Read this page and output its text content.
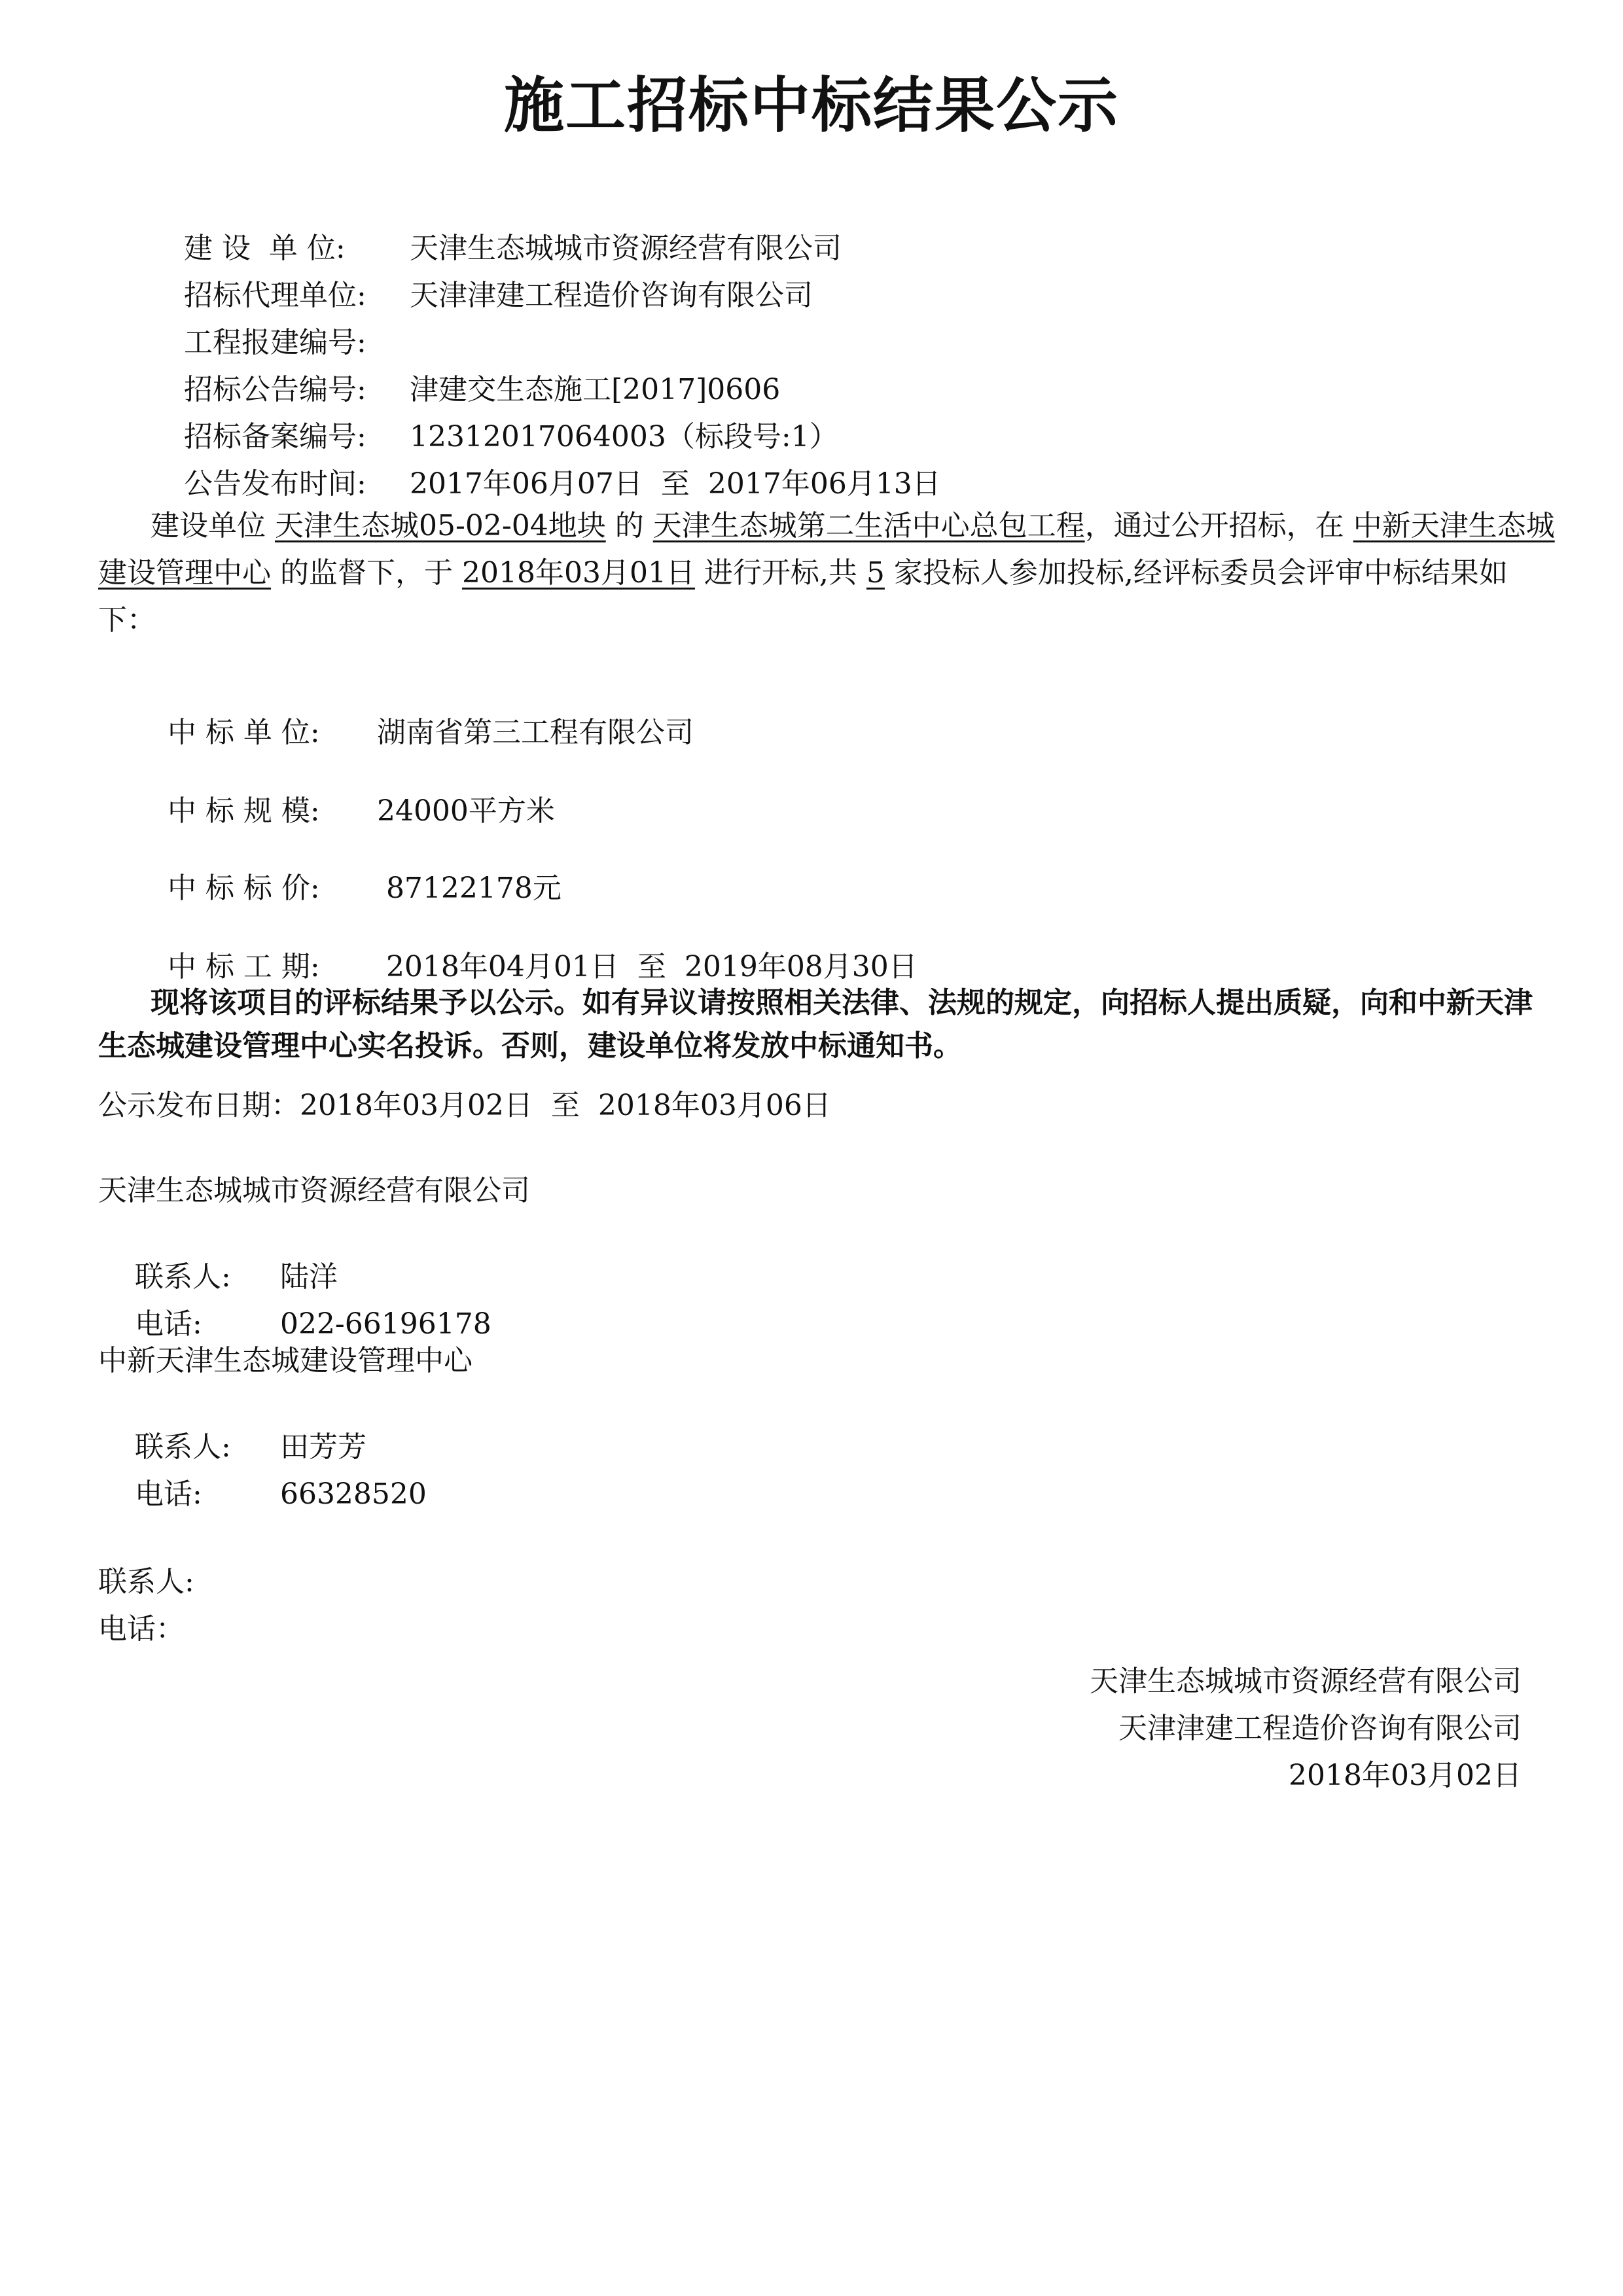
施工招标中标结果公示

建 设  单 位: 天津生态城城市资源经营有限公司

招标代理单位: 天津津建工程造价咨询有限公司

工程报建编号:

招标公告编号: 津建交生态施工[2017]0606

招标备案编号: 12312017064003（标段号:1）

公告发布时间: 2017年06月07日  至  2017年06月13日

建设单位 天津生态城05-02-04地块 的 天津生态城第二生活中心总包工程，通过公开招标，在 中新天津生态城建设管理中心 的监督下，于 2018年03月01日 进行开标,共 5 家投标人参加投标,经评标委员会评审中标结果如下：

中 标 单 位: 湖南省第三工程有限公司

中 标 规 模: 24000平方米

中 标 标 价: 87122178元

中 标 工 期: 2018年04月01日  至  2019年08月30日

现将该项目的评标结果予以公示。如有异议请按照相关法律、法规的规定，向招标人提出质疑，向和中新天津生态城建设管理中心实名投诉。否则，建设单位将发放中标通知书。
公示发布日期：2018年03月02日  至  2018年03月06日
天津生态城城市资源经营有限公司

联系人: 陆洋

电话:	022-66196178

中新天津生态城建设管理中心

联系人: 田芳芳

电话:	66328520

联系人:
电话：
天津生态城城市资源经营有限公司
天津津建工程造价咨询有限公司
2018年03月02日
